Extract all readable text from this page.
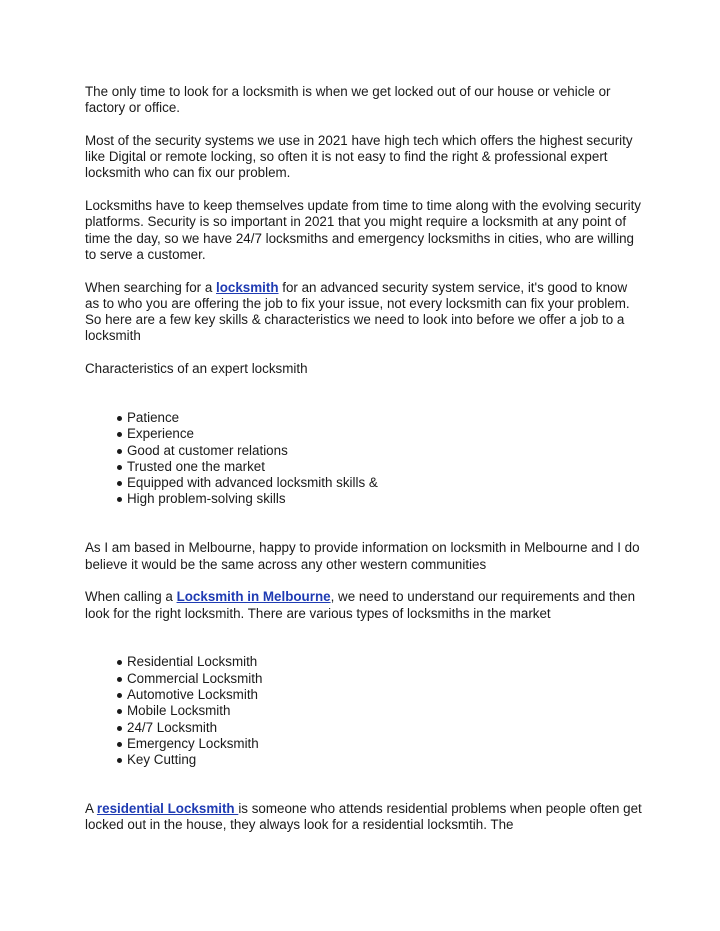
The only time to look for a locksmith is when we get locked out of our house or vehicle or factory or office.

Most of the security systems we use in 2021 have high tech which offers the highest security like Digital or remote locking, so often it is not easy to find the right & professional expert locksmith who can fix our problem.

Locksmiths have to keep themselves update from time to time along with the evolving security platforms. Security is so important in 2021 that you might require a locksmith at any point of time the day, so we have 24/7 locksmiths and emergency locksmiths in cities, who are willing to serve a customer.

When searching for a locksmith for an advanced security system service, it's good to know as to who you are offering the job to fix your issue, not every locksmith can fix your problem. So here are a few key skills & characteristics we need to look into before we offer a job to a locksmith

Characteristics of an expert locksmith

Patience
Experience
Good at customer relations
Trusted one the market
Equipped with advanced locksmith skills &
High problem-solving skills

As I am based in Melbourne, happy to provide information on locksmith in Melbourne and I do believe it would be the same across any other western communities

When calling a Locksmith in Melbourne, we need to understand our requirements and then look for the right locksmith. There are various types of locksmiths in the market

Residential Locksmith
Commercial Locksmith
Automotive Locksmith
Mobile Locksmith
24/7 Locksmith
Emergency Locksmith
Key Cutting

A residential Locksmith is someone who attends residential problems when people often get locked out in the house, they always look for a residential locksmtih. The
